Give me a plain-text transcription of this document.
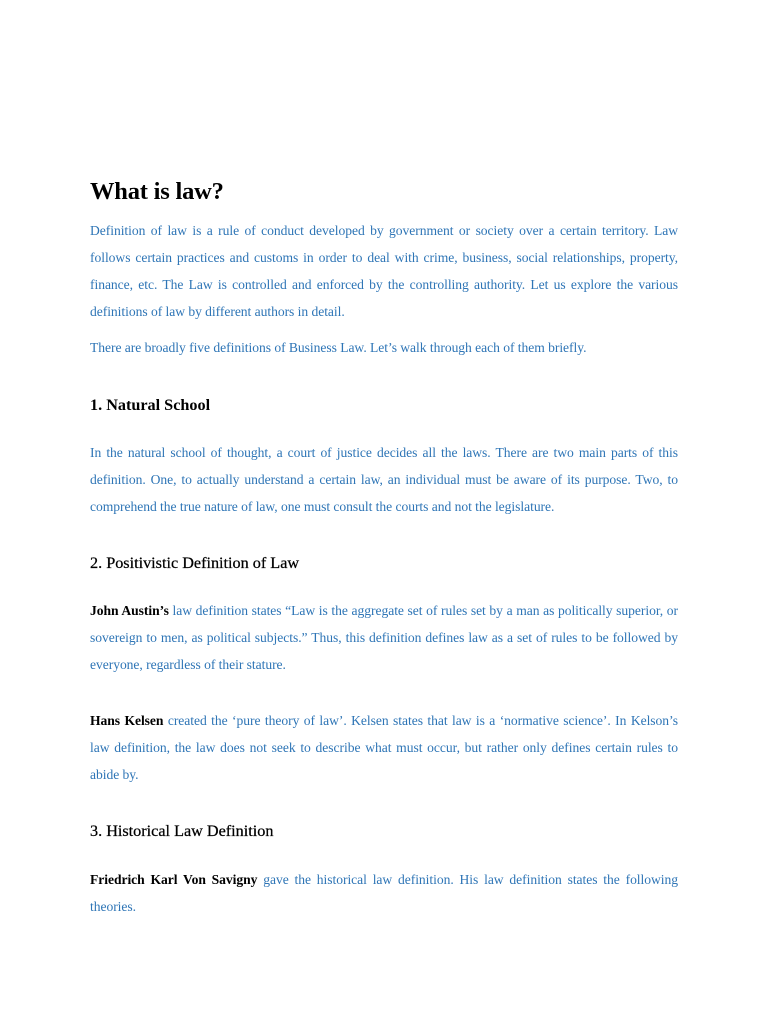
What is law?

Definition of law is a rule of conduct developed by government or society over a certain territory. Law follows certain practices and customs in order to deal with crime, business, social relationships, property, finance, etc. The Law is controlled and enforced by the controlling authority. Let us explore the various definitions of law by different authors in detail.

There are broadly five definitions of Business Law. Let’s walk through each of them briefly.

1. Natural School

In the natural school of thought, a court of justice decides all the laws. There are two main parts of this definition. One, to actually understand a certain law, an individual must be aware of its purpose. Two, to comprehend the true nature of law, one must consult the courts and not the legislature.

2. Positivistic Definition of Law

John Austin’s law definition states “Law is the aggregate set of rules set by a man as politically superior, or sovereign to men, as political subjects.” Thus, this definition defines law as a set of rules to be followed by everyone, regardless of their stature.

Hans Kelsen created the ‘pure theory of law’. Kelsen states that law is a ‘normative science’. In Kelson’s law definition, the law does not seek to describe what must occur, but rather only defines certain rules to abide by.

3. Historical Law Definition

Friedrich Karl Von Savigny gave the historical law definition. His law definition states the following theories.
